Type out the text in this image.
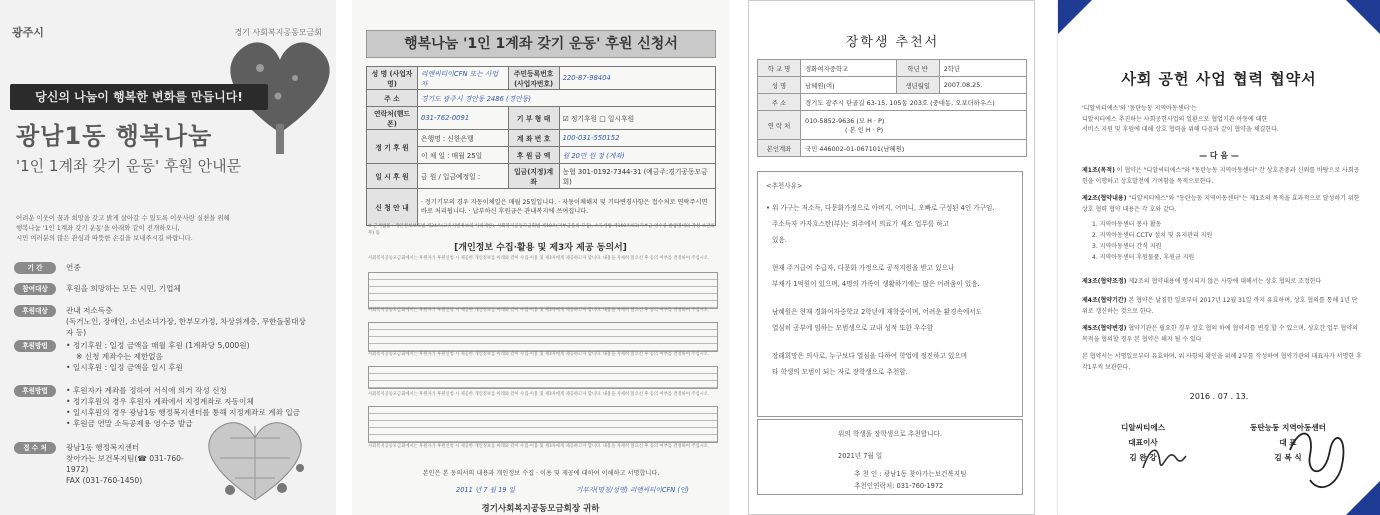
광주시	경기 사회복지공동모금회
당신의 나눔이 행복한 변화를 만듭니다!
광남1동 행복나눔
'1인 1계좌 갖기 운동' 후원 안내문
어려운 이웃이 꿈과 희망을 갖고 밝게 살아갈 수 있도록 이웃사랑 실천을 위해
행복나눔 '1인 1계좌 갖기 운동'을 아래와 같이 전개하오니,
시민 여러분의 많은 관심과 따뜻한 손길을 보내주시길 바랍니다.
기 간	연중
참여대상	후원을 희망하는 모든 시민, 기업체
후원대상	관내 저소득층
(독거노인, 장애인, 소년소녀가장, 한부모가정, 차상위계층, 무한돌봄대상자 등)
후원방법	• 정기후원 : 일정 금액을 매월 후원 (1계좌당 5,000원)
※ 신청 계좌수는 제한없음
• 일시후원 : 일정 금액을 일시 후원
후원방법	• 후원자가 계좌를 정하여 서식에 의거 작성 신청
• 정기후원의 경우 후원자 계좌에서 지정계좌로 자동이체
• 일시후원의 경우 광남1동 행정복지센터를 통해 지정계좌로 계좌 입금
• 후원금 연말 소득공제용 영수증 발급
접 수 처	광남1동 행정복지센터
찾아가는 보건복지팀(☎ 031-760-1972)
FAX (031-760-1450)
행복나눔 '1인 1계좌 갖기 운동' 후원 신청서
성 명 (사업자명)	리앤씨티이CFN 또는 사업자	주민등록번호 (사업자번호)	220-87-98404
주 소	경기도 광주시 경안동 2486 (경안동)		
연락처(핸드폰)	031-762-0091	기 부 형 태	☑ 정기후원 □ 일시후원
정 기 후 원	은행명 : 신한은행	계 좌 번 호	100-031-550152
	이 체 일 : 매월 25일	후 원 금 액	월 20만 원 정 (계좌)
일 시 후 원	금 원 / 입금예정일 :	입금(지정)계좌	농협 301-0192-7344-31 (예금주:경기공동모금회)
신 청 안 내	· 정기기부의 경우 자동이체일은 매월 25일입니다. · 자동이체해지 및 기타변경사항은 접수처로 연락주시면 바로 처리됩니다. · 납부하신 후원금은 관내복지에 쓰여집니다.		
※ 근거법률 : 개인정보보호법 제24조(고유식별정보의 처리제한), 사회복지공동모금회법 제18조(기부금품의 모집), 소득세법 제160조의3(기부금 영수증 발급명세의 작성·보관의무) 등
[개인정보 수집·활용 및 제3자 제공 동의서]
사회복지공동모금회에서는 후원자가 후원신청 시 제공한 개인정보를 아래와 같이 수집·이용 및 제3자에게 제공하고자 합니다. 내용을 자세히 읽으신 후 동의 여부를 결정하여 주십시오.
사회복지공동모금회에서는 후원자가 후원신청 시 제공한 개인정보를 아래와 같이 수집·이용 및 제3자에게 제공하고자 합니다. 내용을 자세히 읽으신 후 동의 여부를 결정하여 주십시오.
사회복지공동모금회에서는 후원자가 후원신청 시 제공한 개인정보를 아래와 같이 수집·이용 및 제3자에게 제공하고자 합니다. 내용을 자세히 읽으신 후 동의 여부를 결정하여 주십시오.
사회복지공동모금회에서는 후원자가 후원신청 시 제공한 개인정보를 아래와 같이 수집·이용 및 제3자에게 제공하고자 합니다. 내용을 자세히 읽으신 후 동의 여부를 결정하여 주십시오.
사회복지공동모금회에서는 후원자가 후원신청 시 제공한 개인정보를 아래와 같이 수집·이용 및 제3자에게 제공하고자 합니다. 내용을 자세히 읽으신 후 동의 여부를 결정하여 주십시오.
본인은 본 동의서의 내용과 개인정보 수집 · 이용 및 제공에 대하여 이해하고 서명합니다.
2011 년 7 월 19 일	기부자(명칭/성명) 리앤씨티이CFN (인)
경기사회복지공동모금회장 귀하
장학생 추천서
학 교 명	경화여자중학교	학년 반	2학년
성 명	남혜원(여)	생년월일	2007.08.25.
주 소	경기도 광주시 탄골길 63-15, 105동 203호 (중대동, 오포더하우스)		
연 락 처	010-5852-9636 (모 H · P)
( 본 인 H · P)		

본인계좌	국민 446002-01-067101(남혜원)		

<추천사유>

• 위 가구는 저소득, 다문화가정으로 아버지, 어머니, 오빠로 구성된 4인 가구임.

주소득자 카자흐스탄(부)는 외주에서 의료기 제조 업무를 하고

있음.

현재 주거급여 수급자, 다문화 가정으로 공적지원을 받고 있으나

부채가 1억원이 있으며, 4명의 가족이 생활하기에는 많은 어려움이 있음.

남혜원은 현재 경화여자중학교 2학년에 재학중이며, 어려운 환경속에서도

열심히 공부에 임하는 모범생으로 교내 성적 또한 우수함

장래희망은 의사로, 누구보다 열심을 다하여 학업에 정진하고 있으며

타 학생의 모범이 되는 자로 장학생으로 추천함.

위의 학생을 장학생으로 추천합니다.
2021년 7월 일
추 천 인 : 광남1동 찾아가는보건복지팀
추천인연락처: 031-760-1972
사회 공헌 사업 협력 협약서
'디알씨티에스'와 '동탄능동 지역아동센터'는
디알씨티에스 추진하는 사회공헌사업의 일환으로 협업기관 아동에 대한
서비스 지원 및 후원에 대해 상호 협력을 위해 다음과 같이 협약을 체결한다.
— 다 음 —
제1조(목적) 이 협약은 "디알씨티에스"와 "동탄능동 지역아동센터" 간 상호존중과 신뢰를 바탕으로 사회공헌을 이행하고 상호발전에 기여함을 목적으로한다.
제2조(협약내용) "디알씨티에스"와 "동탄능동 지역아동센터"는 제1조의 목적을 효과적으로 달성하기 위한 상호 협력 협약 내용은 각 호와 같다.
1. 지역아동센터 봉사 활동
2. 지역아동센터 CCTV 설치 및 유지관리 지원
3. 지역아동센터 간식 지원
4. 지역아동센터 후원물품, 후원금 지원
제3조(협약조정) 제2조의 협약내용에 명시되지 않은 사항에 대해서는 상호 협의로 조정한다
제4조(협약기간) 본 협약은 날짐한 일로부터 2017년 12월 31일 까지 유효하며, 상호 협의를 통해 1년 단위로 갱신하는 것으로 한다.
제5조(협약변경) 협약기관은 필요한 경우 상호 협의 하에 협약서를 변경 할 수 있으며, 상호간 업무 협약의 목적을 협의할 경우 본 협약은 해지 될 수 있다
본 협약서는 서명일로부터 유효하며, 위 사항의 확인을 위해 2부를 작성하여 협약기관의 대표자가 서명한 후 각1부씩 보관한다.
2016 . 07 . 13.
디알씨티에스
대표이사
김 완 강
동탄능동 지역아동센터
대 표
김 복 식
